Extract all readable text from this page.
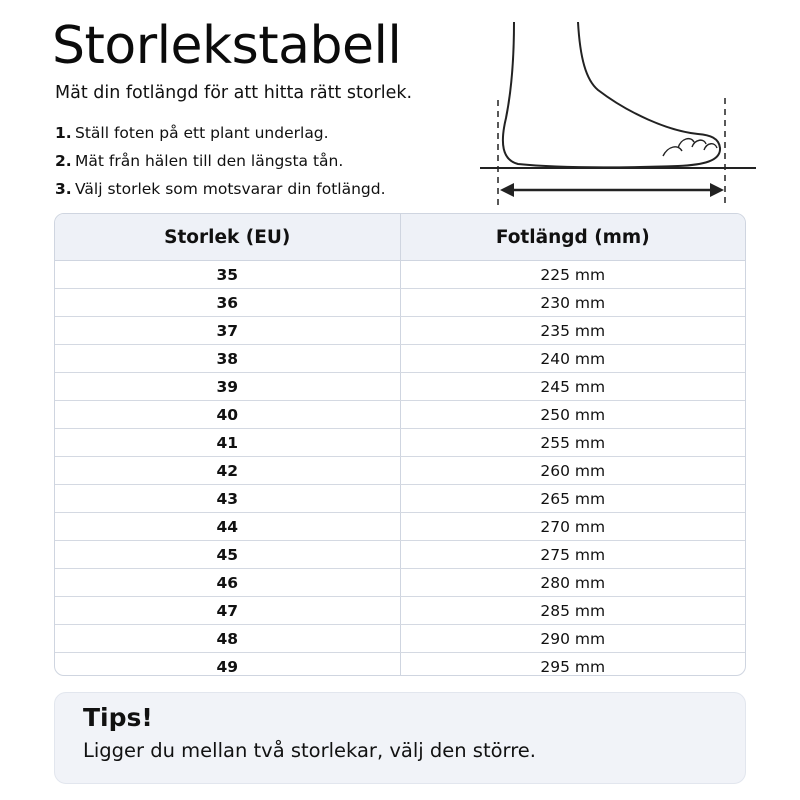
Storlekstabell
Mät din fotlängd för att hitta rätt storlek.
1. Ställ foten på ett plant underlag.
2. Mät från hälen till den längsta tån.
3. Välj storlek som motsvarar din fotlängd.
Storlek (EU)	Fotlängd (mm)
35	225 mm
36	230 mm
37	235 mm
38	240 mm
39	245 mm
40	250 mm
41	255 mm
42	260 mm
43	265 mm
44	270 mm
45	275 mm
46	280 mm
47	285 mm
48	290 mm
49	295 mm
Tips!
Ligger du mellan två storlekar, välj den större.
